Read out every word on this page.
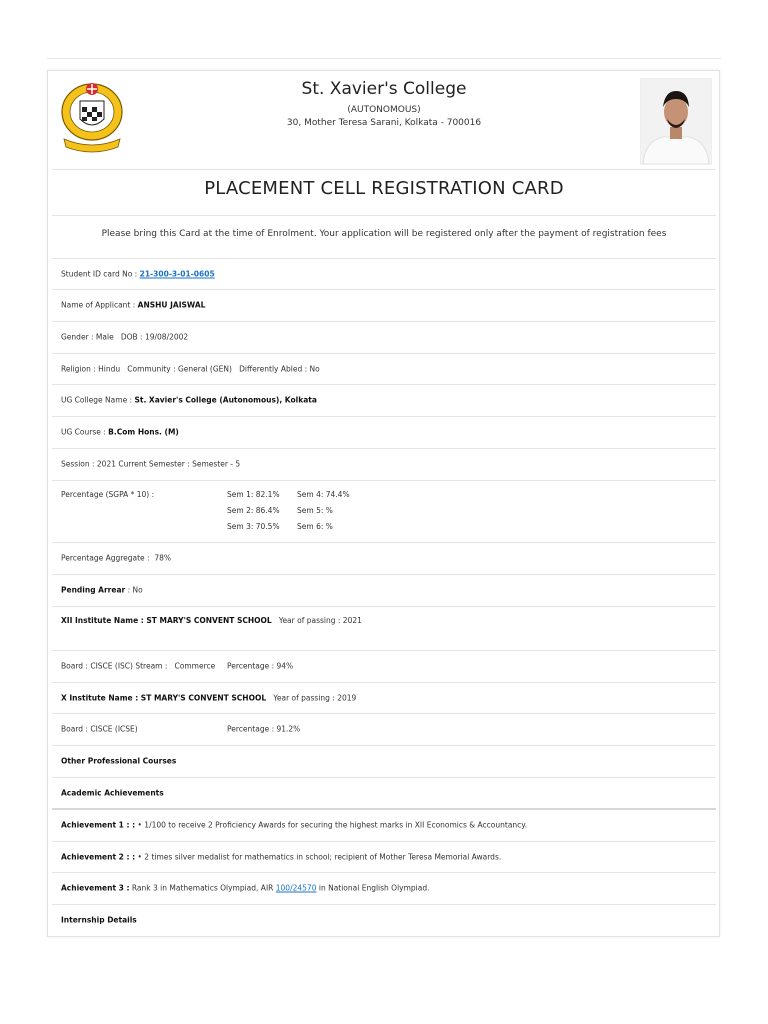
St. Xavier's College
(AUTONOMOUS)
30, Mother Teresa Sarani, Kolkata - 700016
PLACEMENT CELL REGISTRATION CARD
Please bring this Card at the time of Enrolment. Your application will be registered only after the payment of registration fees
Student ID card No : 21-300-3-01-0605
Name of Applicant : ANSHU JAISWAL
Gender : Male   DOB : 19/08/2002
Religion : Hindu   Community : General (GEN)   Differently Abled : No
UG College Name : St. Xavier's College (Autonomous), Kolkata
UG Course : B.Com Hons. (M)
Session : 2021 Current Semester : Semester - 5
Percentage (SGPA * 10) :	Sem 1: 82.1% Sem 4: 74.4%
Sem 2: 86.4% Sem 5: %
Sem 3: 70.5% Sem 6: %
Percentage Aggregate :  78%
Pending Arrear : No
XII Institute Name : ST MARY'S CONVENT SCHOOL Year of passing : 2021
Board : CISCE (ISC) Stream :   Commerce Percentage : 94%
X Institute Name : ST MARY'S CONVENT SCHOOL Year of passing : 2019
Board : CISCE (ICSE)	Percentage : 91.2%
Other Professional Courses
Academic Achievements
Achievement 1 : : • 1/100 to receive 2 Proficiency Awards for securing the highest marks in XII Economics & Accountancy.
Achievement 2 : : • 2 times silver medalist for mathematics in school; recipient of Mother Teresa Memorial Awards.
Achievement 3 : Rank 3 in Mathematics Olympiad, AIR 100/24570 in National English Olympiad.
Internship Details
